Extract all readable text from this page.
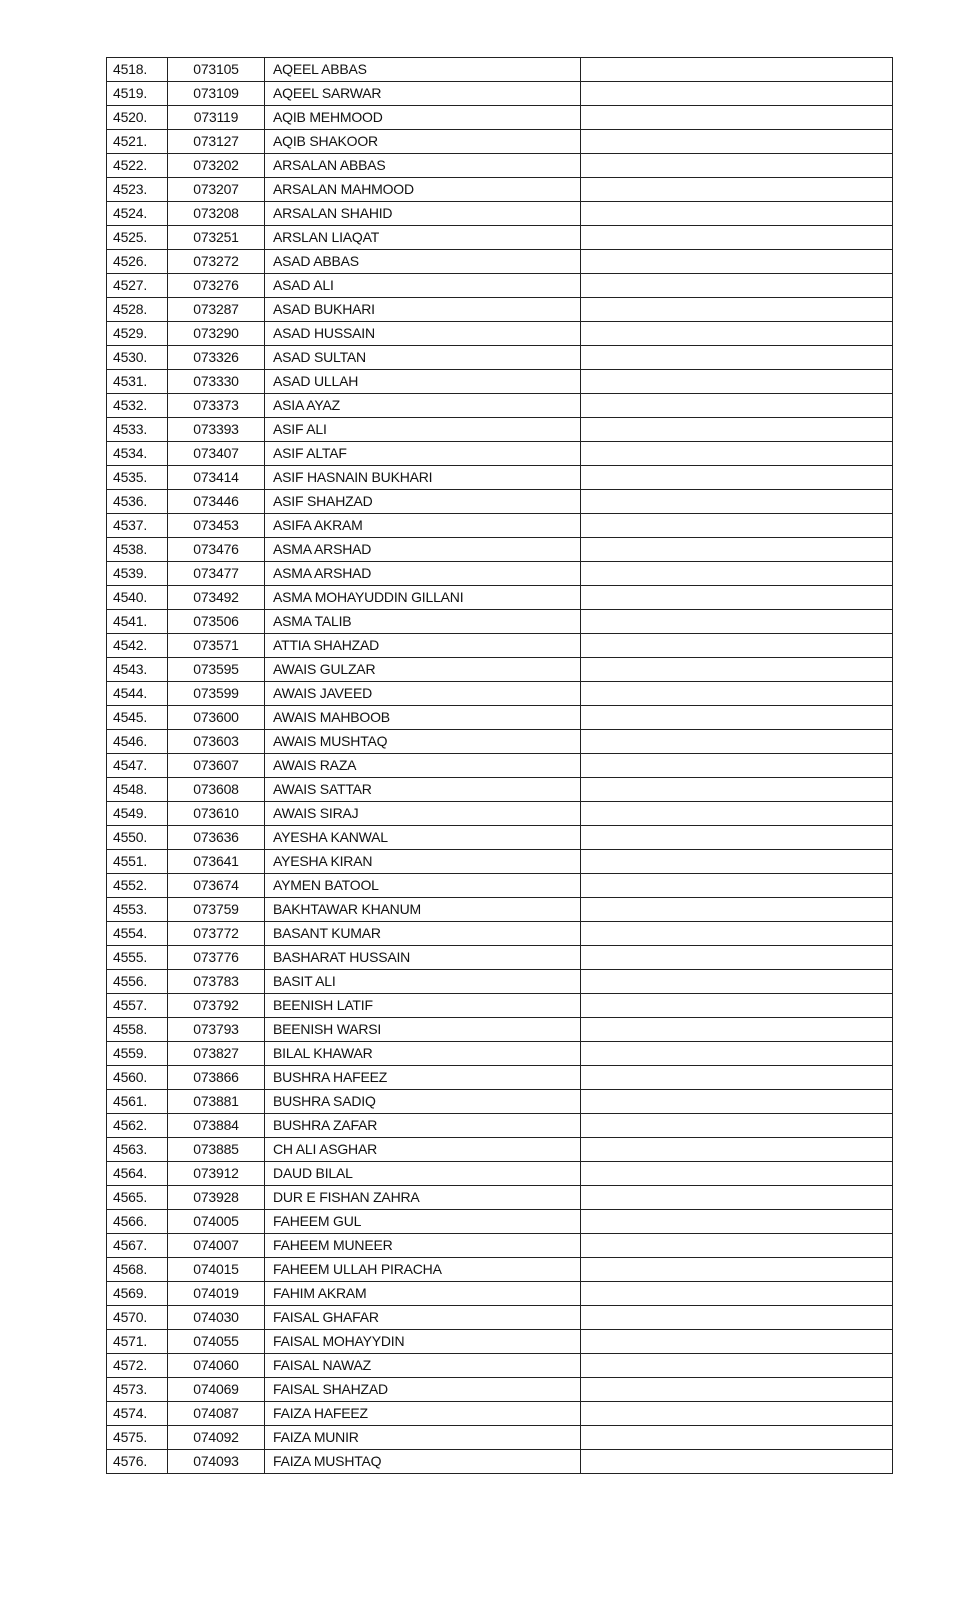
4518.	073105	AQEEL ABBAS	
4519.	073109	AQEEL SARWAR	
4520.	073119	AQIB MEHMOOD	
4521.	073127	AQIB SHAKOOR	
4522.	073202	ARSALAN ABBAS	
4523.	073207	ARSALAN MAHMOOD	
4524.	073208	ARSALAN SHAHID	
4525.	073251	ARSLAN LIAQAT	
4526.	073272	ASAD ABBAS	
4527.	073276	ASAD ALI	
4528.	073287	ASAD BUKHARI	
4529.	073290	ASAD HUSSAIN	
4530.	073326	ASAD SULTAN	
4531.	073330	ASAD ULLAH	
4532.	073373	ASIA AYAZ	
4533.	073393	ASIF ALI	
4534.	073407	ASIF ALTAF	
4535.	073414	ASIF HASNAIN BUKHARI	
4536.	073446	ASIF SHAHZAD	
4537.	073453	ASIFA AKRAM	
4538.	073476	ASMA ARSHAD	
4539.	073477	ASMA ARSHAD	
4540.	073492	ASMA MOHAYUDDIN GILLANI	
4541.	073506	ASMA TALIB	
4542.	073571	ATTIA SHAHZAD	
4543.	073595	AWAIS GULZAR	
4544.	073599	AWAIS JAVEED	
4545.	073600	AWAIS MAHBOOB	
4546.	073603	AWAIS MUSHTAQ	
4547.	073607	AWAIS RAZA	
4548.	073608	AWAIS SATTAR	
4549.	073610	AWAIS SIRAJ	
4550.	073636	AYESHA KANWAL	
4551.	073641	AYESHA KIRAN	
4552.	073674	AYMEN BATOOL	
4553.	073759	BAKHTAWAR KHANUM	
4554.	073772	BASANT KUMAR	
4555.	073776	BASHARAT HUSSAIN	
4556.	073783	BASIT ALI	
4557.	073792	BEENISH LATIF	
4558.	073793	BEENISH WARSI	
4559.	073827	BILAL KHAWAR	
4560.	073866	BUSHRA HAFEEZ	
4561.	073881	BUSHRA SADIQ	
4562.	073884	BUSHRA ZAFAR	
4563.	073885	CH ALI ASGHAR	
4564.	073912	DAUD BILAL	
4565.	073928	DUR E FISHAN ZAHRA	
4566.	074005	FAHEEM GUL	
4567.	074007	FAHEEM MUNEER	
4568.	074015	FAHEEM ULLAH PIRACHA	
4569.	074019	FAHIM AKRAM	
4570.	074030	FAISAL GHAFAR	
4571.	074055	FAISAL MOHAYYDIN	
4572.	074060	FAISAL NAWAZ	
4573.	074069	FAISAL SHAHZAD	
4574.	074087	FAIZA HAFEEZ	
4575.	074092	FAIZA MUNIR	
4576.	074093	FAIZA MUSHTAQ	
